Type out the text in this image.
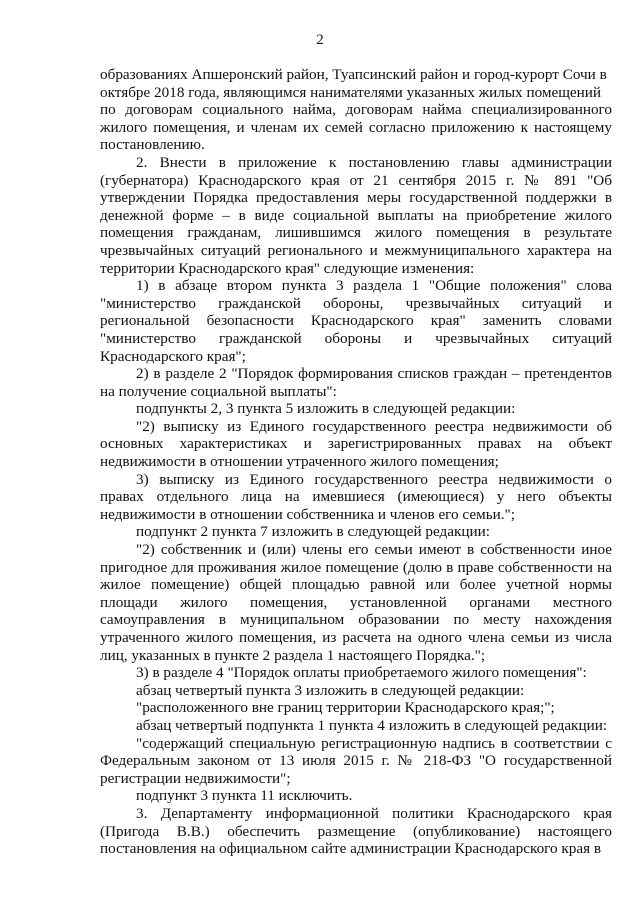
2

образованиях Апшеронский район, Туапсинский район и город-курорт Сочи в октябре 2018 года, являющимся нанимателями указанных жилых помещений

по договорам социального найма, договорам найма специализированного жилого помещения, и членам их семей согласно приложению к настоящему постановлению.

2. Внести в приложение к постановлению главы администрации (губернатора) Краснодарского края от 21 сентября 2015 г. № 891 "Об утверждении Порядка предоставления меры государственной поддержки в денежной форме – в виде социальной выплаты на приобретение жилого помещения гражданам, лишившимся жилого помещения в результате чрезвычайных ситуаций регионального и межмуниципального характера на территории Краснодарского края" следующие изменения:

1) в абзаце втором пункта 3 раздела 1 "Общие положения" слова "министерство гражданской обороны, чрезвычайных ситуаций и региональной безопасности Краснодарского края" заменить словами "министерство гражданской обороны и чрезвычайных ситуаций Краснодарского края";

2) в разделе 2 "Порядок формирования списков граждан – претендентов на получение социальной выплаты":

подпункты 2, 3 пункта 5 изложить в следующей редакции:

"2) выписку из Единого государственного реестра недвижимости об основных характеристиках и зарегистрированных правах на объект недвижимости в отношении утраченного жилого помещения;

3) выписку из Единого государственного реестра недвижимости о правах отдельного лица на имевшиеся (имеющиеся) у него объекты недвижимости в отношении собственника и членов его семьи.";

подпункт 2 пункта 7 изложить в следующей редакции:

"2) собственник и (или) члены его семьи имеют в собственности иное пригодное для проживания жилое помещение (долю в праве собственности на жилое помещение) общей площадью равной или более учетной нормы площади жилого помещения, установленной органами местного самоуправления в муниципальном образовании по месту нахождения утраченного жилого помещения, из расчета на одного члена семьи из числа лиц, указанных в пункте 2 раздела 1 настоящего Порядка.";

3) в разделе 4 "Порядок оплаты приобретаемого жилого помещения":

абзац четвертый пункта 3 изложить в следующей редакции:

"расположенного вне границ территории Краснодарского края;";

абзац четвертый подпункта 1 пункта 4 изложить в следующей редакции:

"содержащий специальную регистрационную надпись в соответствии с Федеральным законом от 13 июля 2015 г. № 218-ФЗ "О государственной регистрации недвижимости";

подпункт 3 пункта 11 исключить.

3. Департаменту информационной политики Краснодарского края (Пригода В.В.) обеспечить размещение (опубликование) настоящего постановления на официальном сайте администрации Краснодарского края в
